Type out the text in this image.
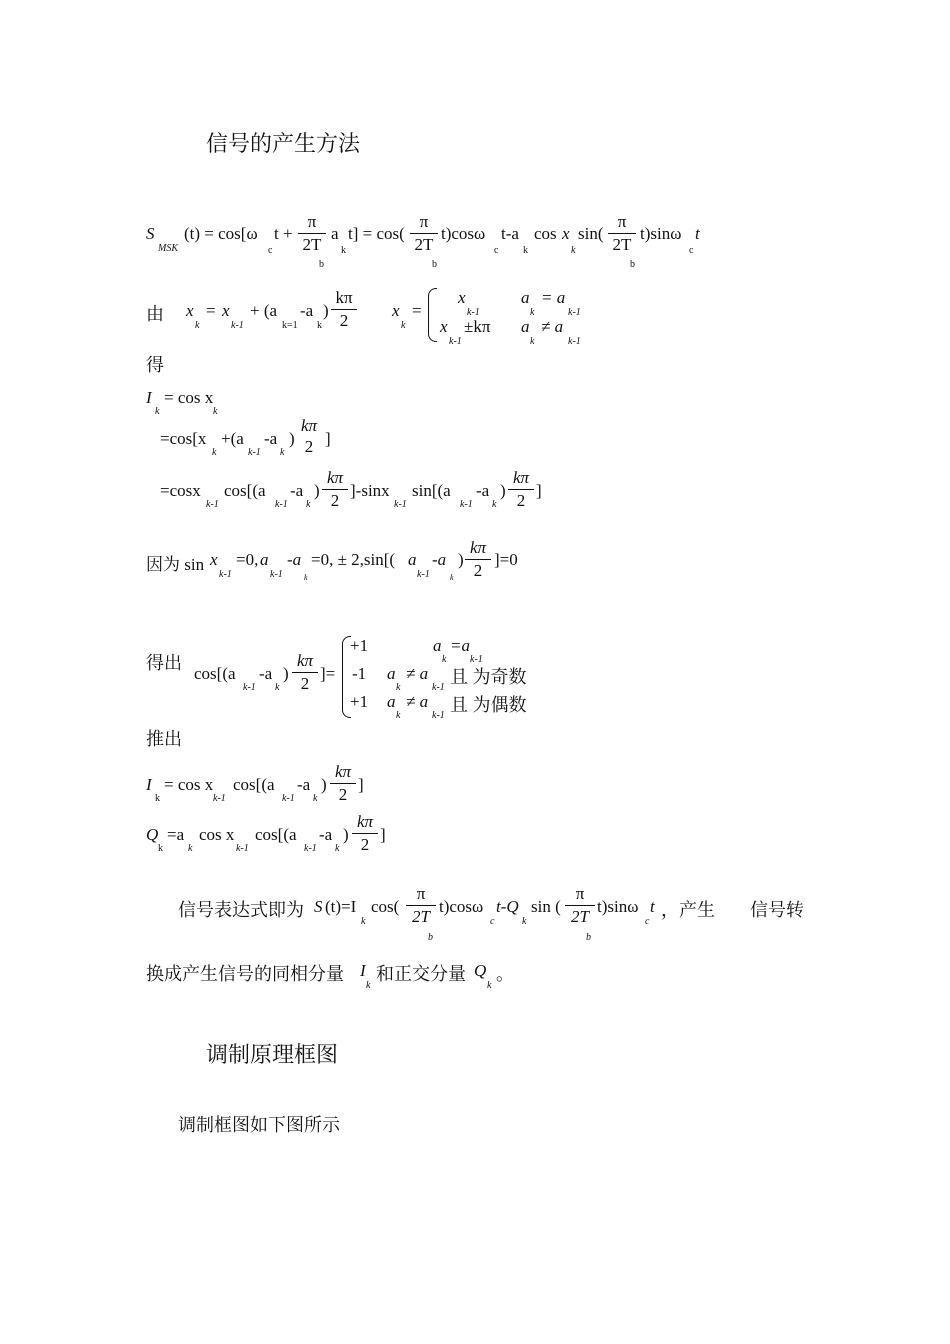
信号的产生方法
S
MSK
(t) = cos[ω
c
t +
π
2T
b
a
k
t] = cos(
π
2T
b
t)cosω
c
t-a
k
cos x
k
sin(
π
2T
b
t)sinω
c
t
由 x
k
= x
k-1
+ (a
k=1
-a
k
)
kπ
2
x
k
=
x
k-1
a
k
= a
k-1
x
k-1
±kπ a
k
≠ a
k-1
得
I
k
= cos x
k
=cos[x
k
+(a
k-1
-a
k
)
kπ
2 ]
=cosx
k-1
cos[(a
k-1
-a
k
)
kπ
2
]-sinx
k-1
sin[(a
k-1
-a
k
)
kπ
2
]
因为 sin x
k-1
=0, a
k-1
-a
k
=0, ± 2,sin[( a
k-1
-a
k
)
kπ
2
]=0
得出
cos[(a
k-1
-a
k
)
kπ
2
]=
+1	a
k
=a
k-1
-1 a
k
≠ a
k-1
且 为奇数
+1 a
k
≠ a
k-1
且 为偶数
推出
I
k
= cos x
k-1
cos[(a
k-1
-a
k
)
kπ
2
]
Q
k
=a
k
cos x
k-1
cos[(a
k-1
-a
k
)
kπ
2
]
信号表达式即为 S (t)=I
k
cos(
π
2T
b
t)cosω
c
t-Q
k
sin (
π
2T
b
t)sinω
c
t ，产生 信号转
换成产生信号的同相分量 I
k
和正交分量 Q
k
。
调制原理框图
调制框图如下图所示
